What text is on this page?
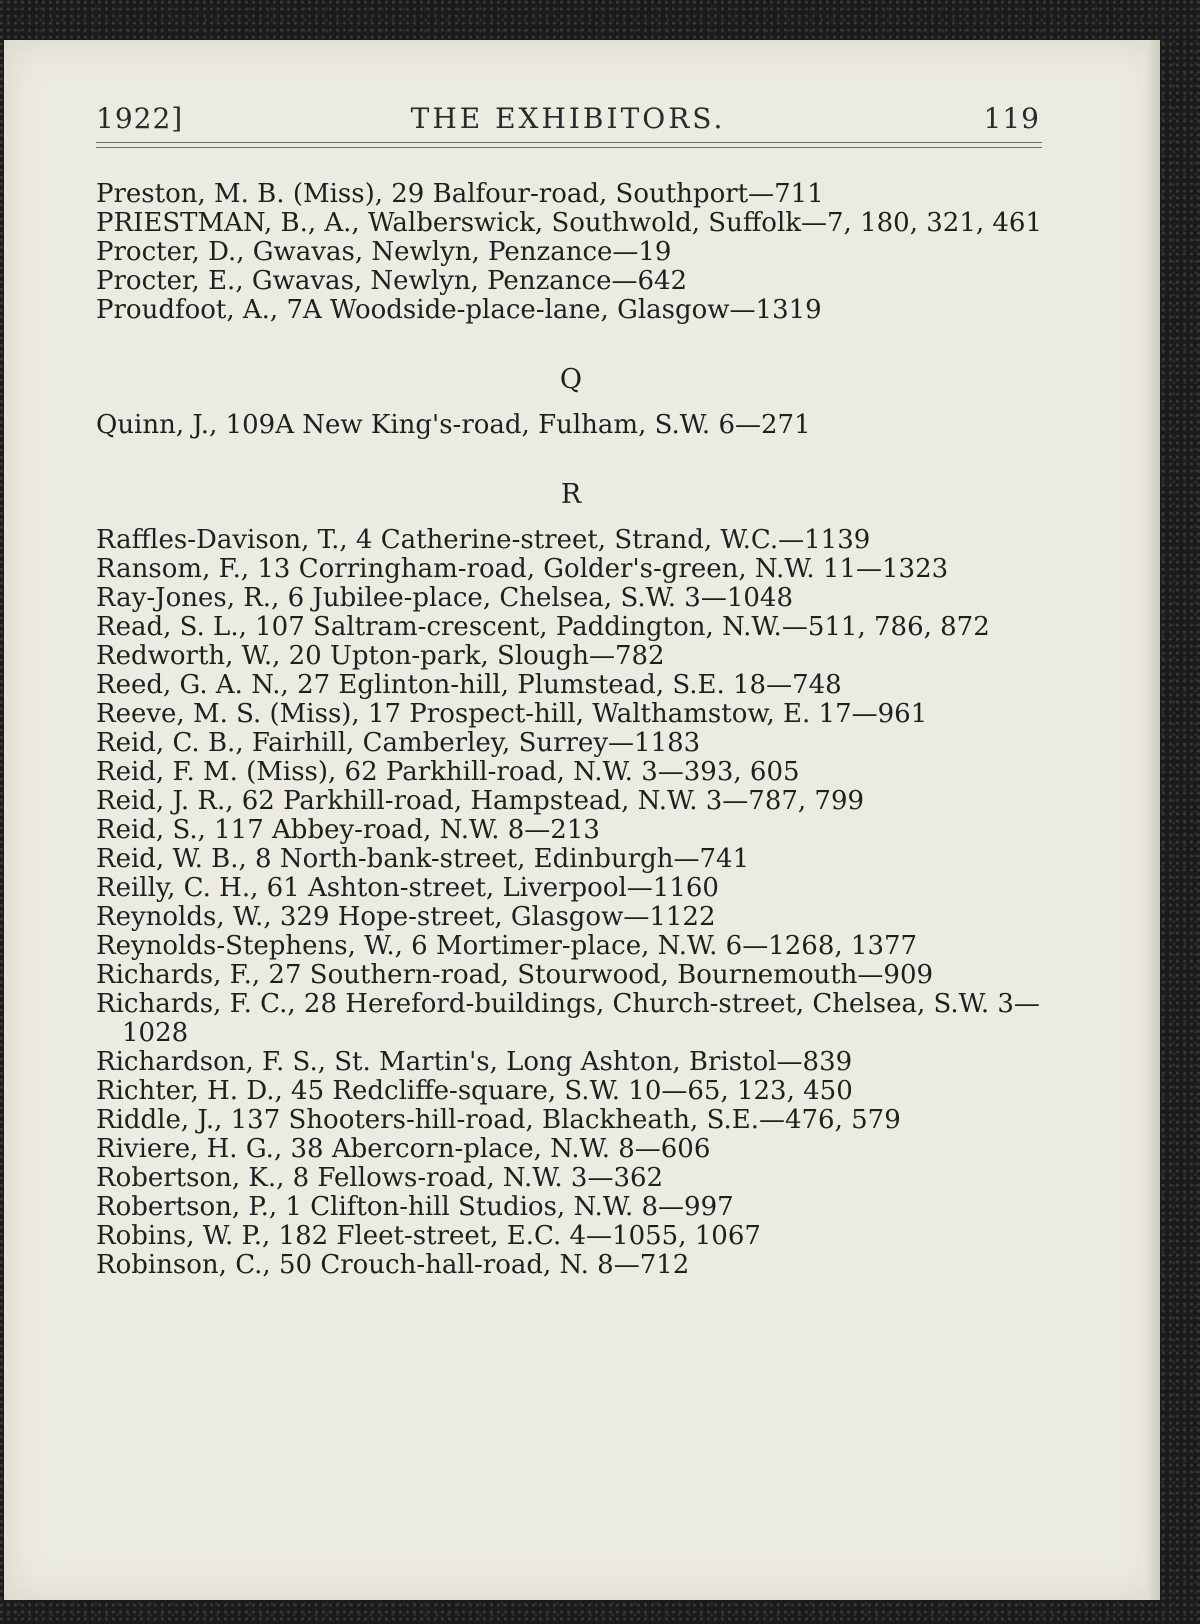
1922]	THE EXHIBITORS.	119

Preston, M. B. (Miss), 29 Balfour-road, Southport—711

PRIESTMAN, B., A., Walberswick, Southwold, Suffolk—7, 180, 321, 461

Procter, D., Gwavas, Newlyn, Penzance—19

Procter, E., Gwavas, Newlyn, Penzance—642

Proudfoot, A., 7A Woodside-place-lane, Glasgow—1319

Q

Quinn, J., 109A New King's-road, Fulham, S.W. 6—271

R

Raffles-Davison, T., 4 Catherine-street, Strand, W.C.—1139

Ransom, F., 13 Corringham-road, Golder's-green, N.W. 11—1323

Ray-Jones, R., 6 Jubilee-place, Chelsea, S.W. 3—1048

Read, S. L., 107 Saltram-crescent, Paddington, N.W.—511, 786, 872

Redworth, W., 20 Upton-park, Slough—782

Reed, G. A. N., 27 Eglinton-hill, Plumstead, S.E. 18—748

Reeve, M. S. (Miss), 17 Prospect-hill, Walthamstow, E. 17—961

Reid, C. B., Fairhill, Camberley, Surrey—1183

Reid, F. M. (Miss), 62 Parkhill-road, N.W. 3—393, 605

Reid, J. R., 62 Parkhill-road, Hampstead, N.W. 3—787, 799

Reid, S., 117 Abbey-road, N.W. 8—213

Reid, W. B., 8 North-bank-street, Edinburgh—741

Reilly, C. H., 61 Ashton-street, Liverpool—1160

Reynolds, W., 329 Hope-street, Glasgow—1122

Reynolds-Stephens, W., 6 Mortimer-place, N.W. 6—1268, 1377

Richards, F., 27 Southern-road, Stourwood, Bournemouth—909

Richards, F. C., 28 Hereford-buildings, Church-street, Chelsea, S.W. 3—1028

Richardson, F. S., St. Martin's, Long Ashton, Bristol—839

Richter, H. D., 45 Redcliffe-square, S.W. 10—65, 123, 450

Riddle, J., 137 Shooters-hill-road, Blackheath, S.E.—476, 579

Riviere, H. G., 38 Abercorn-place, N.W. 8—606

Robertson, K., 8 Fellows-road, N.W. 3—362

Robertson, P., 1 Clifton-hill Studios, N.W. 8—997

Robins, W. P., 182 Fleet-street, E.C. 4—1055, 1067

Robinson, C., 50 Crouch-hall-road, N. 8—712
